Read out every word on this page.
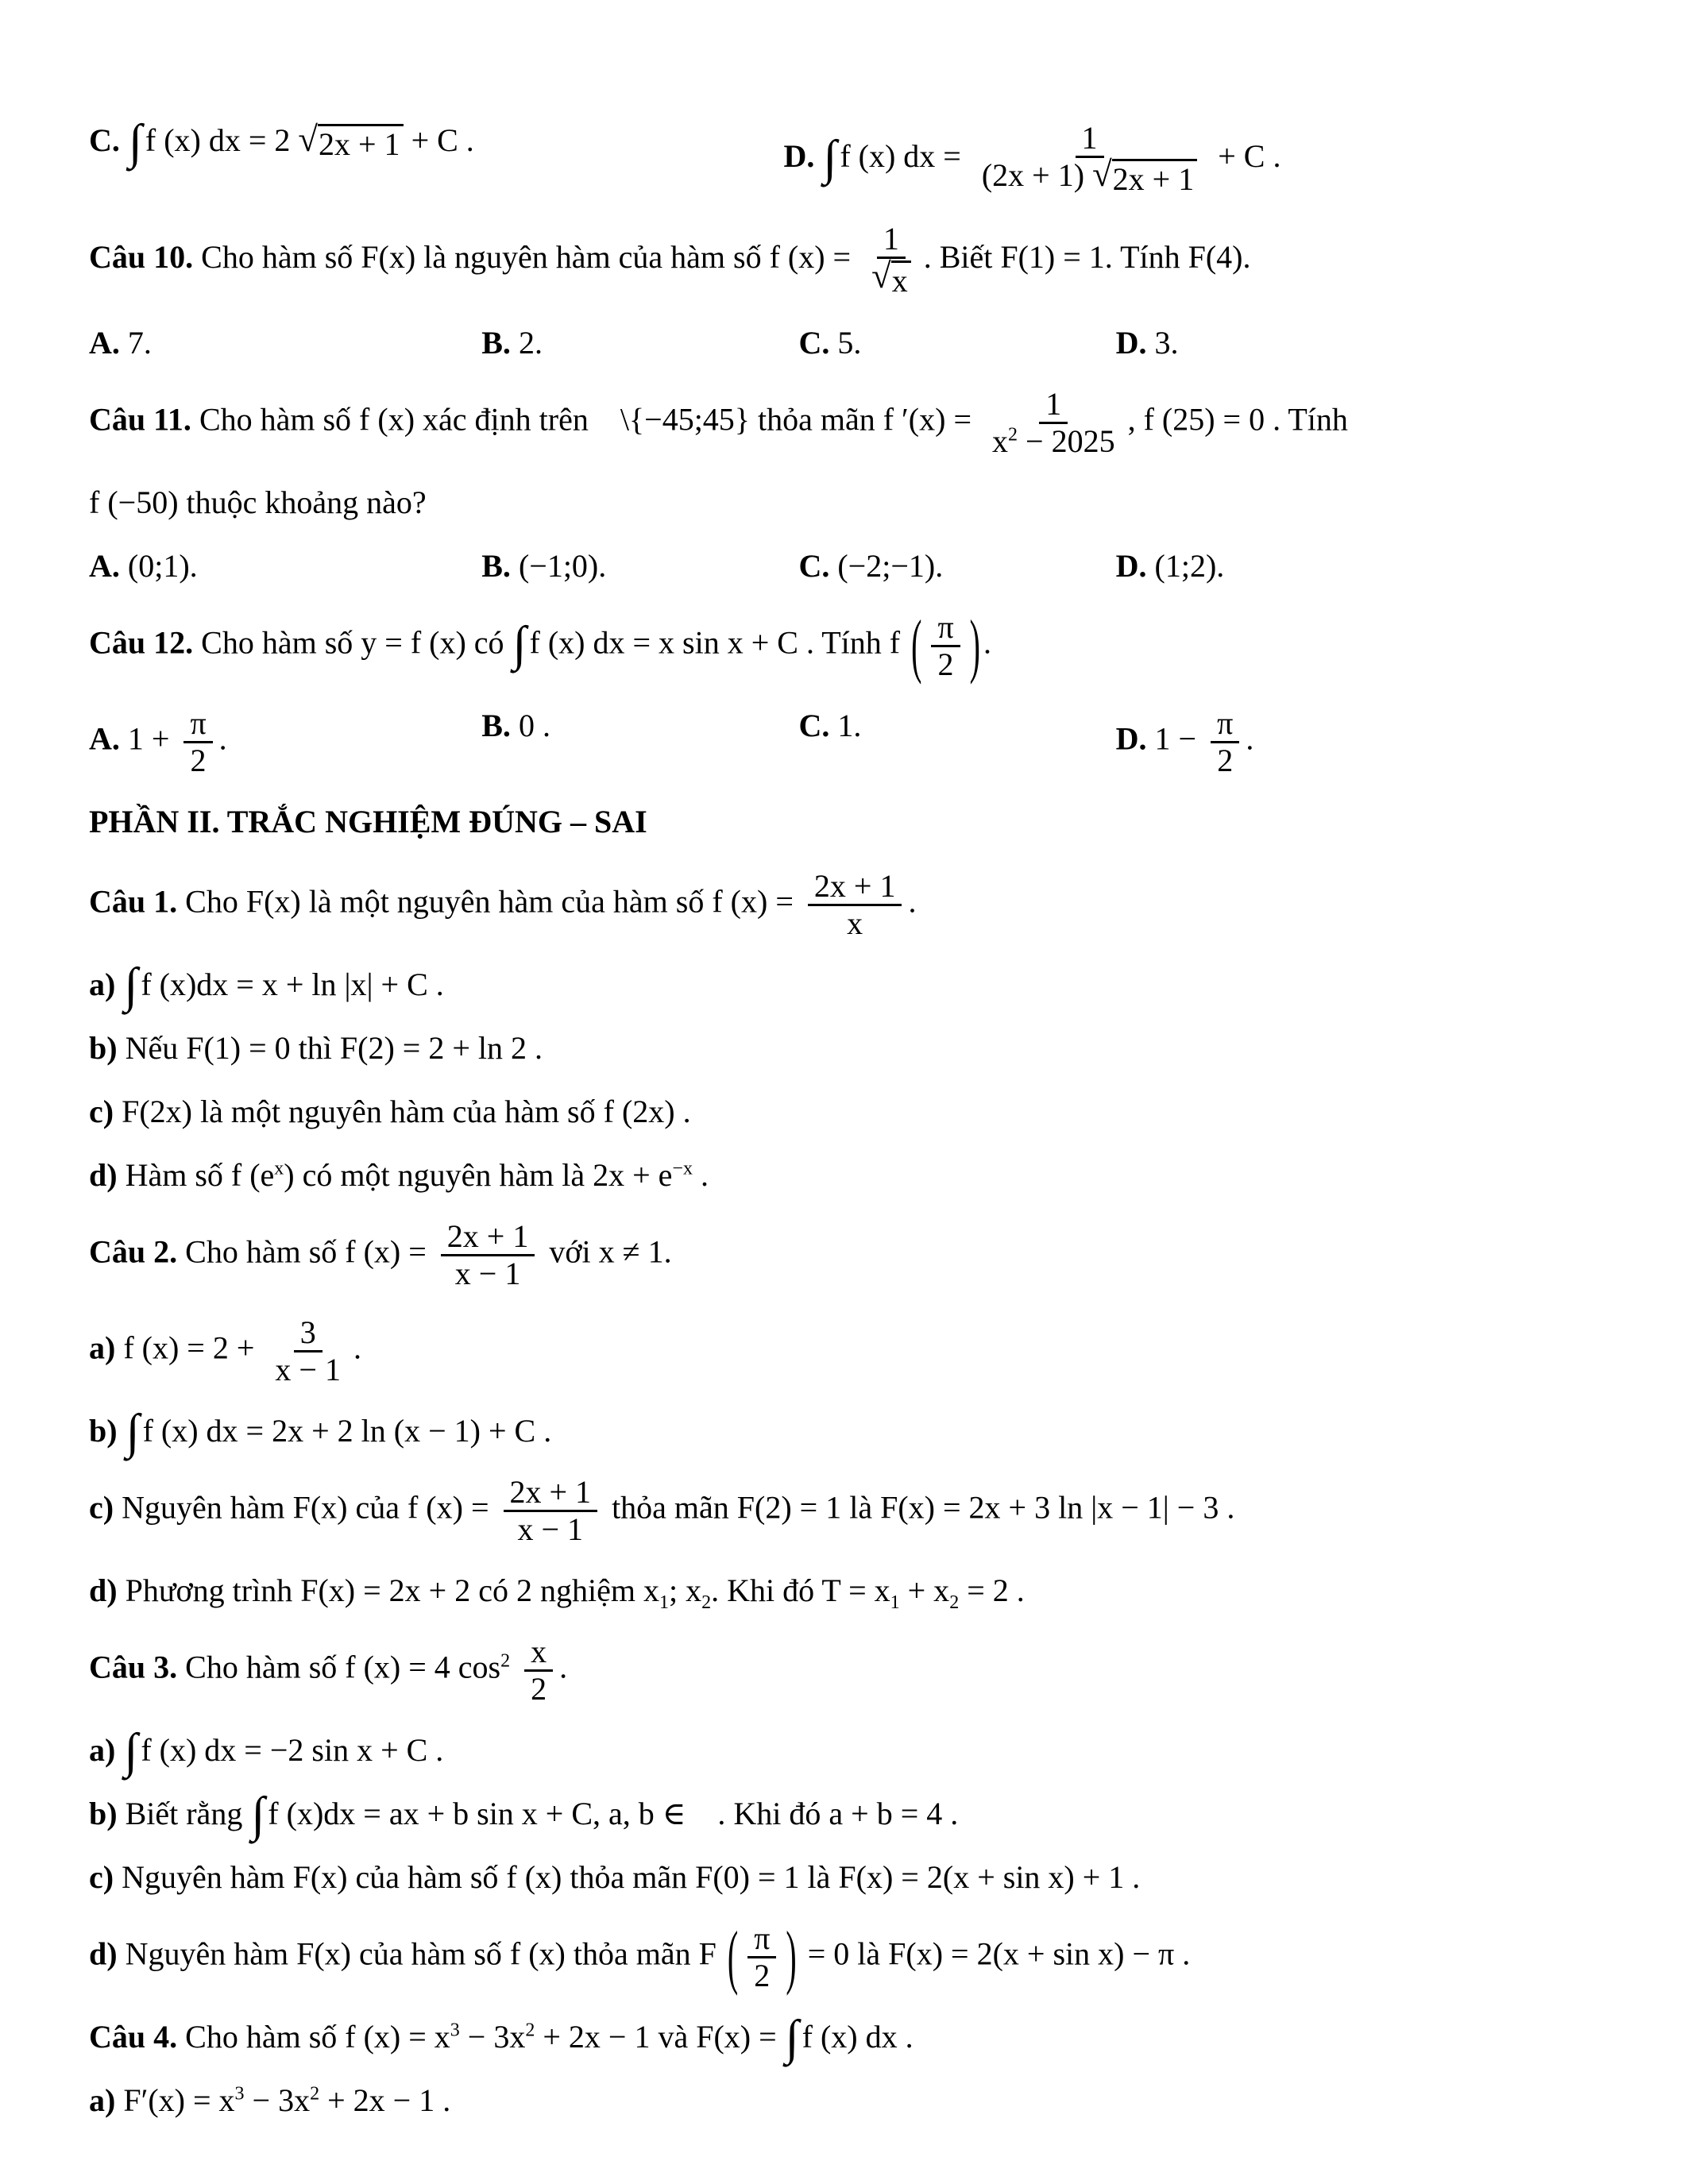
C. ∫ f (x) dx = 2 √ 2x + 1 + C .	D. ∫ f (x) dx = $\frac{1}{(2x + 1) √ 2x + 1} + C$ .
Câu 10. Cho hàm số F(x) là nguyên hàm của hàm số f $(x) = \frac{1}{√ x}$ . Biết F(1) = 1. Tính F(4).
A. 7.	B. 2.	C. 5.	D. 3.
Câu 11. Cho hàm số f (x) xác định trên    \{−45;45} thỏa mãn f $'(x) = \frac{1}{x^2 - 2025}$ , f (25) = 0 . Tính
f (−50) thuộc khoảng nào?
A. (0;1).	B. (−1;0).	C. (−2;−1).	D. (1;2).
Câu 12. Cho hàm số y = f (x) có ∫ f (x) dx = x sin x + C . Tính f ( $\frac{\pi}{2}$ ) .
A. $1 + \frac{\pi}{2}$ .	B. 0 .	C. 1.	D. $1 - \frac{\pi}{2}$ .
PHẦN II. TRẮC NGHIỆM ĐÚNG – SAI
Câu 1. Cho F(x) là một nguyên hàm của hàm số f $(x) = \frac{2x + 1}{x}$ .
a) ∫ f (x)dx = x + ln |x| + C .
b) Nếu F(1) = 0 thì F(2) = 2 + ln 2 .
c) F(2x) là một nguyên hàm của hàm số f (2x) .
d) Hàm số f $(e^x)$ có một nguyên hàm là $2x + e^{-x}$ .
Câu 2. Cho hàm số f $(x) = \frac{2x + 1}{x - 1}$ với x ≠ 1.
a) f $(x) = 2 + \frac{3}{x - 1}$ .
b) ∫ f (x) dx = 2x + 2 ln (x − 1) + C .
c) Nguyên hàm F(x) của f $(x) = \frac{2x + 1}{x - 1}$ thỏa mãn F(2) = 1 là F(x) = 2x + 3 ln |x − 1| − 3 .
d) Phương trình F(x) = 2x + 2 có 2 nghiệm $x_1$; $x_2$. Khi đó $T = x_1 + x_2 = 2$ .
Câu 3. Cho hàm số f (x) = 4 $\cos^2 \frac{x}{2}$ .
a) ∫ f (x) dx = −2 sin x + C .
b) Biết rằng ∫ f (x)dx = ax + b sin x + C, a, b ∈    . Khi đó a + b = 4 .
c) Nguyên hàm F(x) của hàm số f (x) thỏa mãn F(0) = 1 là F(x) = 2(x + sin x) + 1 .
d) Nguyên hàm F(x) của hàm số f (x) thỏa mãn F ( $\frac{\pi}{2}$ ) = 0 là F(x) = 2(x + sin x) − π .
Câu 4. Cho hàm số f $(x) = x^3 - 3x^2 + 2x - 1$ và F(x) = ∫ f (x) dx .
a) $F'(x) = x^3 - 3x^2 + 2x - 1$ .
